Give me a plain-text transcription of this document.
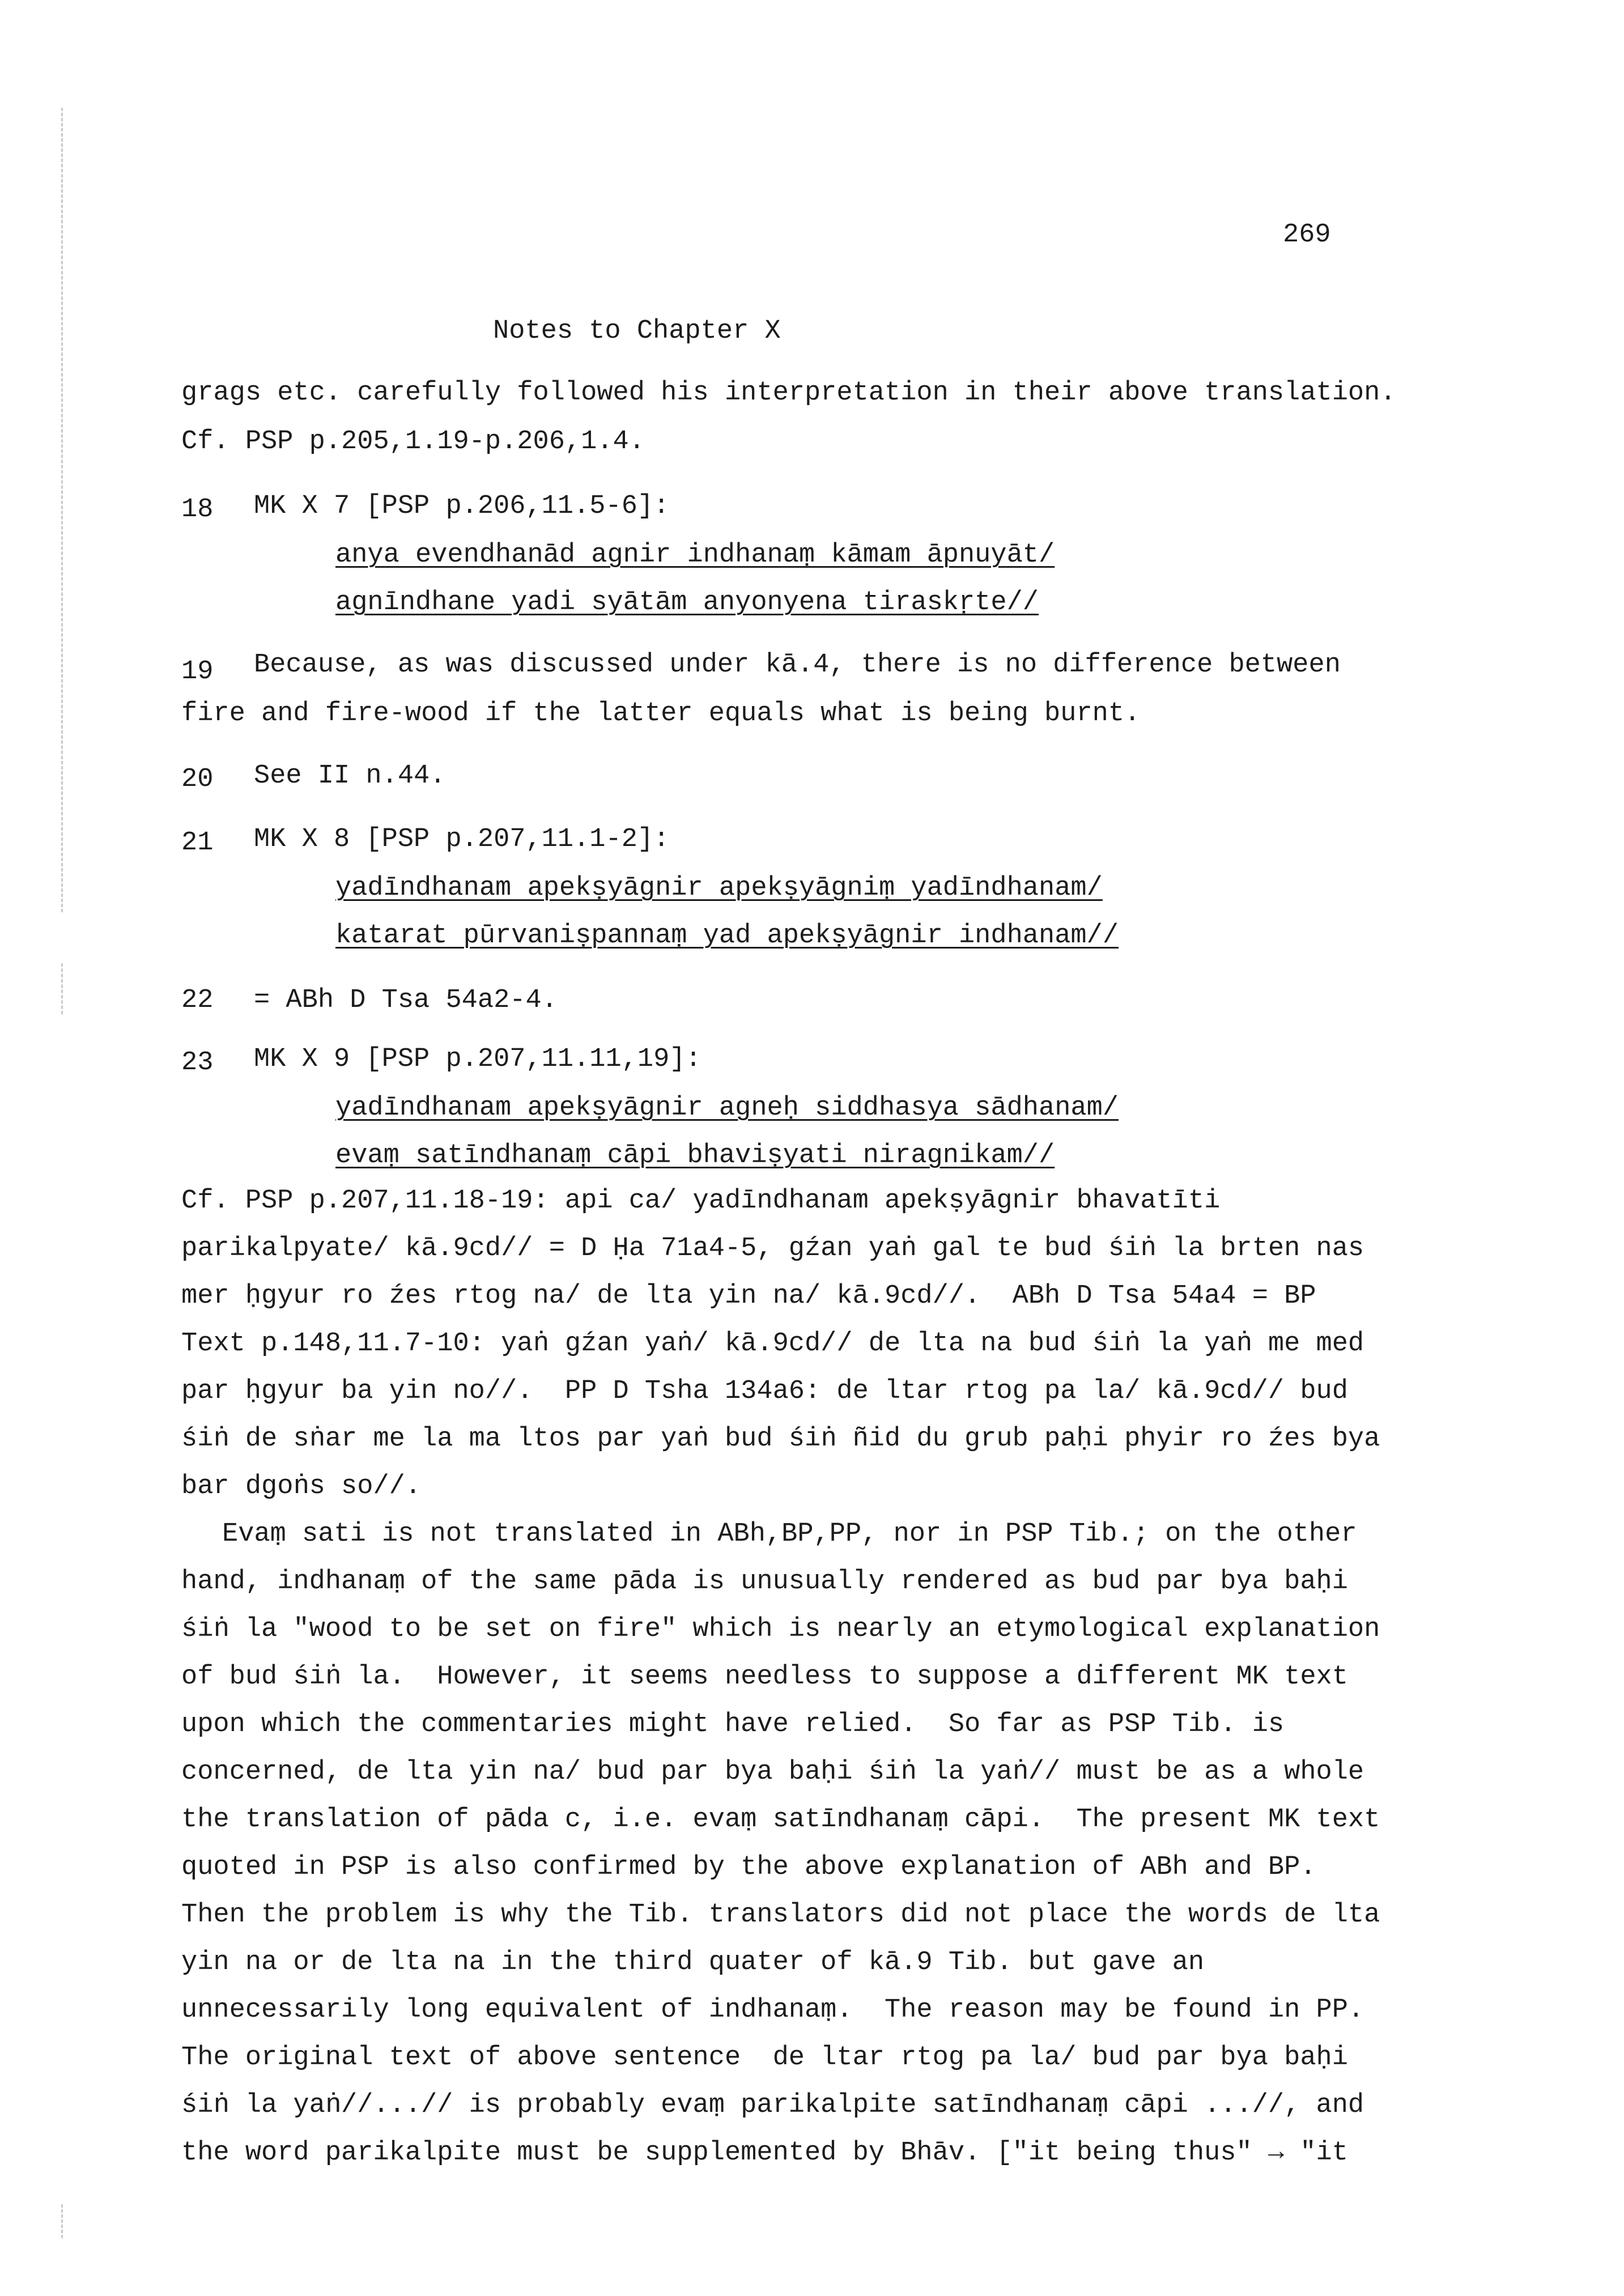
269
Notes to Chapter X
grags etc. carefully followed his interpretation in their above translation.
Cf. PSP p.205,1.19-p.206,1.4.
18 MK X 7 [PSP p.206,11.5-6]:
anya evendhanād agnir indhanaṃ kāmam āpnuyāt/
agnīndhane yadi syātām anyonyena tiraskṛte//
19 Because, as was discussed under kā.4, there is no difference between
fire and fire-wood if the latter equals what is being burnt.
20 See II n.44.
21 MK X 8 [PSP p.207,11.1-2]:
yadīndhanam apekṣyāgnir apekṣyāgniṃ yadīndhanam/
katarat pūrvaniṣpannaṃ yad apekṣyāgnir indhanam//
22 = ABh D Tsa 54a2-4.
23 MK X 9 [PSP p.207,11.11,19]:
yadīndhanam apekṣyāgnir agneḥ siddhasya sādhanam/
evaṃ satīndhanaṃ cāpi bhaviṣyati niragnikam//
Cf. PSP p.207,11.18-19: api ca/ yadīndhanam apekṣyāgnir bhavatīti
parikalpyate/ kā.9cd// = D Ḥa 71a4-5, gźan yaṅ gal te bud śiṅ la brten nas
mer ḥgyur ro źes rtog na/ de lta yin na/ kā.9cd//.  ABh D Tsa 54a4 = BP
Text p.148,11.7-10: yaṅ gźan yaṅ/ kā.9cd// de lta na bud śiṅ la yaṅ me med
par ḥgyur ba yin no//.  PP D Tsha 134a6: de ltar rtog pa la/ kā.9cd// bud
śiṅ de sṅar me la ma ltos par yaṅ bud śiṅ ñid du grub paḥi phyir ro źes bya
bar dgoṅs so//.
Evaṃ sati is not translated in ABh,BP,PP, nor in PSP Tib.; on the other
hand, indhanaṃ of the same pāda is unusually rendered as bud par bya baḥi
śiṅ la "wood to be set on fire" which is nearly an etymological explanation
of bud śiṅ la.  However, it seems needless to suppose a different MK text
upon which the commentaries might have relied.  So far as PSP Tib. is
concerned, de lta yin na/ bud par bya baḥi śiṅ la yaṅ// must be as a whole
the translation of pāda c, i.e. evaṃ satīndhanaṃ cāpi.  The present MK text
quoted in PSP is also confirmed by the above explanation of ABh and BP.
Then the problem is why the Tib. translators did not place the words de lta
yin na or de lta na in the third quater of kā.9 Tib. but gave an
unnecessarily long equivalent of indhanaṃ.  The reason may be found in PP.
The original text of above sentence  de ltar rtog pa la/ bud par bya baḥi
śiṅ la yaṅ//...// is probably evaṃ parikalpite satīndhanaṃ cāpi ...//, and
the word parikalpite must be supplemented by Bhāv. ["it being thus" → "it
